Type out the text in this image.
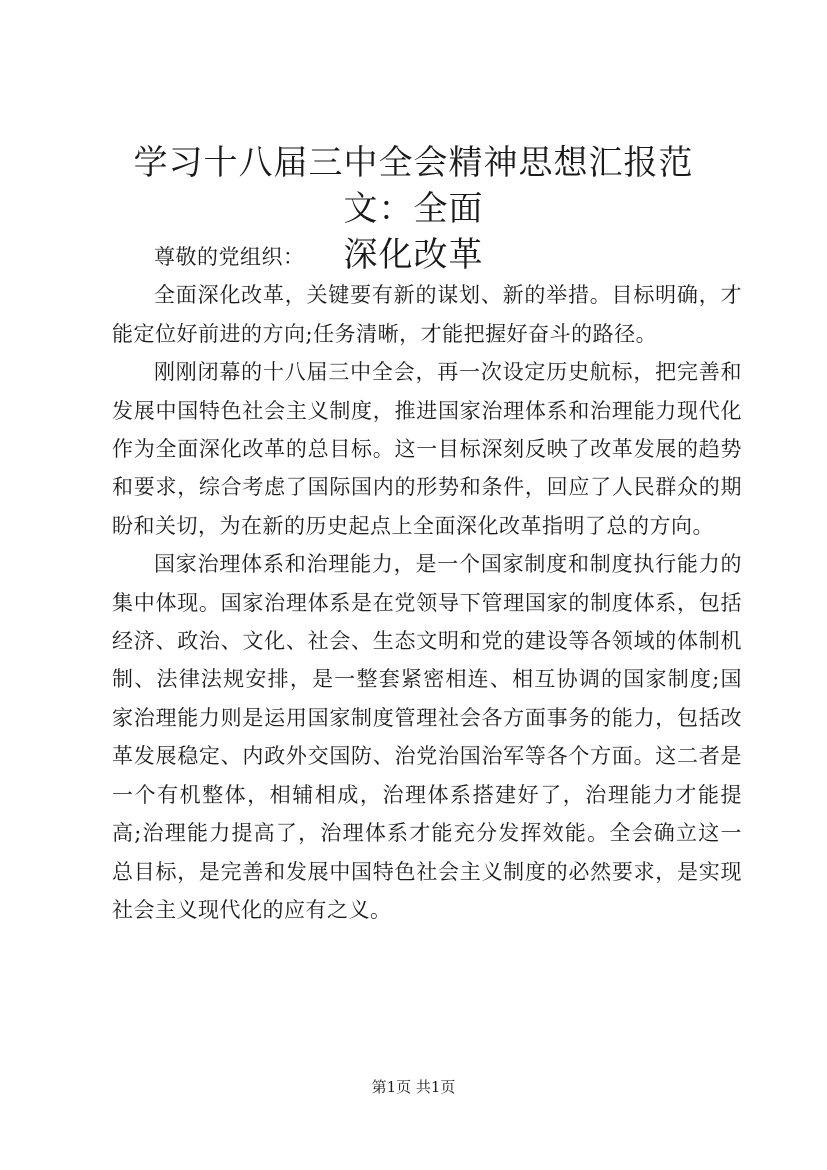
学习十八届三中全会精神思想汇报范文：全面
深化改革

尊敬的党组织：

全面深化改革，关键要有新的谋划、新的举措。目标明确，才能定位好前进的方向;任务清晰，才能把握好奋斗的路径。

刚刚闭幕的十八届三中全会，再一次设定历史航标，把完善和发展中国特色社会主义制度，推进国家治理体系和治理能力现代化作为全面深化改革的总目标。这一目标深刻反映了改革发展的趋势和要求，综合考虑了国际国内的形势和条件，回应了人民群众的期盼和关切，为在新的历史起点上全面深化改革指明了总的方向。

国家治理体系和治理能力，是一个国家制度和制度执行能力的集中体现。国家治理体系是在党领导下管理国家的制度体系，包括经济、政治、文化、社会、生态文明和党的建设等各领域的体制机制、法律法规安排，是一整套紧密相连、相互协调的国家制度;国家治理能力则是运用国家制度管理社会各方面事务的能力，包括改革发展稳定、内政外交国防、治党治国治军等各个方面。这二者是一个有机整体，相辅相成，治理体系搭建好了，治理能力才能提高;治理能力提高了，治理体系才能充分发挥效能。全会确立这一总目标，是完善和发展中国特色社会主义制度的必然要求，是实现社会主义现代化的应有之义。

第1页 共1页
